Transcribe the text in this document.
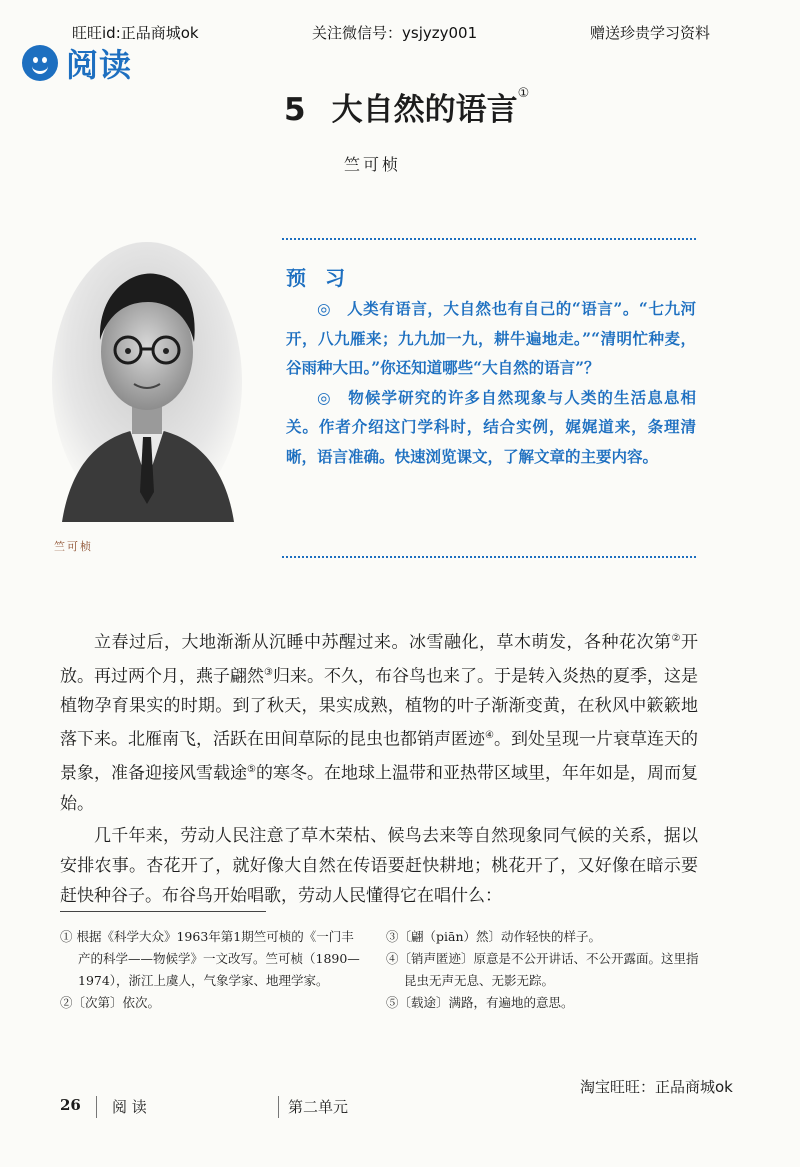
旺旺id:正品商城ok	关注微信号：ysjyzy001	赠送珍贵学习资料
阅读
5 大自然的语言①
竺可桢
竺可桢
预 习

◎　人类有语言，大自然也有自己的“语言”。“七九河开，八九雁来；九九加一九，耕牛遍地走。”“清明忙种麦，谷雨种大田。”你还知道哪些“大自然的语言”？

◎　物候学研究的许多自然现象与人类的生活息息相关。作者介绍这门学科时，结合实例，娓娓道来，条理清晰，语言准确。快速浏览课文，了解文章的主要内容。

立春过后，大地渐渐从沉睡中苏醒过来。冰雪融化，草木萌发，各种花次第②开放。再过两个月，燕子翩然③归来。不久，布谷鸟也来了。于是转入炎热的夏季，这是植物孕育果实的时期。到了秋天，果实成熟，植物的叶子渐渐变黄，在秋风中簌簌地落下来。北雁南飞，活跃在田间草际的昆虫也都销声匿迹④。到处呈现一片衰草连天的景象，准备迎接风雪载途⑤的寒冬。在地球上温带和亚热带区域里，年年如是，周而复始。

几千年来，劳动人民注意了草木荣枯、候鸟去来等自然现象同气候的关系，据以安排农事。杏花开了，就好像大自然在传语要赶快耕地；桃花开了，又好像在暗示要赶快种谷子。布谷鸟开始唱歌，劳动人民懂得它在唱什么：

① 根据《科学大众》1963年第1期竺可桢的《一门丰产的科学——物候学》一文改写。竺可桢（1890—1974），浙江上虞人，气象学家、地理学家。
②〔次第〕依次。
③〔翩（piān）然〕动作轻快的样子。
④〔销声匿迹〕原意是不公开讲话、不公开露面。这里指昆虫无声无息、无影无踪。
⑤〔载途〕满路，有遍地的意思。
淘宝旺旺：正品商城ok
26 阅 读	第二单元
